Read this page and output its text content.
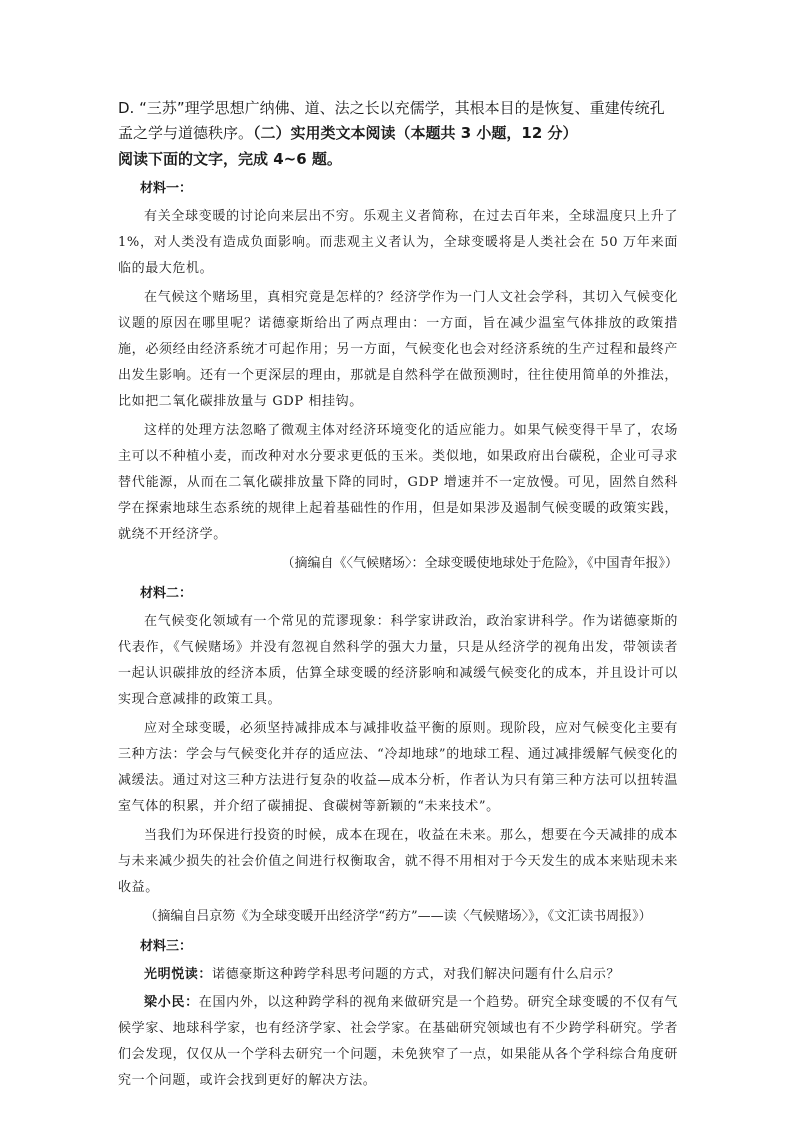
D. “三苏”理学思想广纳佛、道、法之长以充儒学，其根本目的是恢复、重建传统孔孟之学与道德秩序。（二）实用类文本阅读（本题共 3 小题，12 分）

阅读下面的文字，完成 4~6 题。

材料一：

有关全球变暖的讨论向来层出不穷。乐观主义者简称，在过去百年来，全球温度只上升了 1%，对人类没有造成负面影响。而悲观主义者认为，全球变暖将是人类社会在 50 万年来面临的最大危机。

在气候这个赌场里，真相究竟是怎样的？经济学作为一门人文社会学科，其切入气候变化议题的原因在哪里呢？诺德豪斯给出了两点理由：一方面，旨在减少温室气体排放的政策措施，必须经由经济系统才可起作用；另一方面，气候变化也会对经济系统的生产过程和最终产出发生影响。还有一个更深层的理由，那就是自然科学在做预测时，往往使用简单的外推法，比如把二氧化碳排放量与 GDP 相挂钩。

这样的处理方法忽略了微观主体对经济环境变化的适应能力。如果气候变得干旱了，农场主可以不种植小麦，而改种对水分要求更低的玉米。类似地，如果政府出台碳税，企业可寻求替代能源，从而在二氧化碳排放量下降的同时，GDP 增速并不一定放慢。可见，固然自然科学在探索地球生态系统的规律上起着基础性的作用，但是如果涉及遏制气候变暖的政策实践，就绕不开经济学。

（摘编自《〈气候赌场〉：全球变暖使地球处于危险》，《中国青年报》）
材料二：

在气候变化领域有一个常见的荒谬现象：科学家讲政治，政治家讲科学。作为诺德豪斯的代表作，《气候赌场》并没有忽视自然科学的强大力量，只是从经济学的视角出发，带领读者一起认识碳排放的经济本质，估算全球变暖的经济影响和减缓气候变化的成本，并且设计可以实现合意减排的政策工具。

应对全球变暖，必须坚持减排成本与减排收益平衡的原则。现阶段，应对气候变化主要有三种方法：学会与气候变化并存的适应法、“冷却地球”的地球工程、通过减排缓解气候变化的减缓法。通过对这三种方法进行复杂的收益—成本分析，作者认为只有第三种方法可以扭转温室气体的积累，并介绍了碳捕捉、食碳树等新颖的“未来技术”。

当我们为环保进行投资的时候，成本在现在，收益在未来。那么，想要在今天减排的成本与未来减少损失的社会价值之间进行权衡取舍，就不得不用相对于今天发生的成本来贴现未来收益。

（摘编自吕京笏《为全球变暖开出经济学“药方”——读〈气候赌场〉》，《文汇读书周报》）
材料三：

光明悦读：诺德豪斯这种跨学科思考问题的方式，对我们解决问题有什么启示？

梁小民：在国内外，以这种跨学科的视角来做研究是一个趋势。研究全球变暖的不仅有气候学家、地球科学家，也有经济学家、社会学家。在基础研究领域也有不少跨学科研究。学者们会发现，仅仅从一个学科去研究一个问题，未免狭窄了一点，如果能从各个学科综合角度研究一个问题，或许会找到更好的解决方法。
